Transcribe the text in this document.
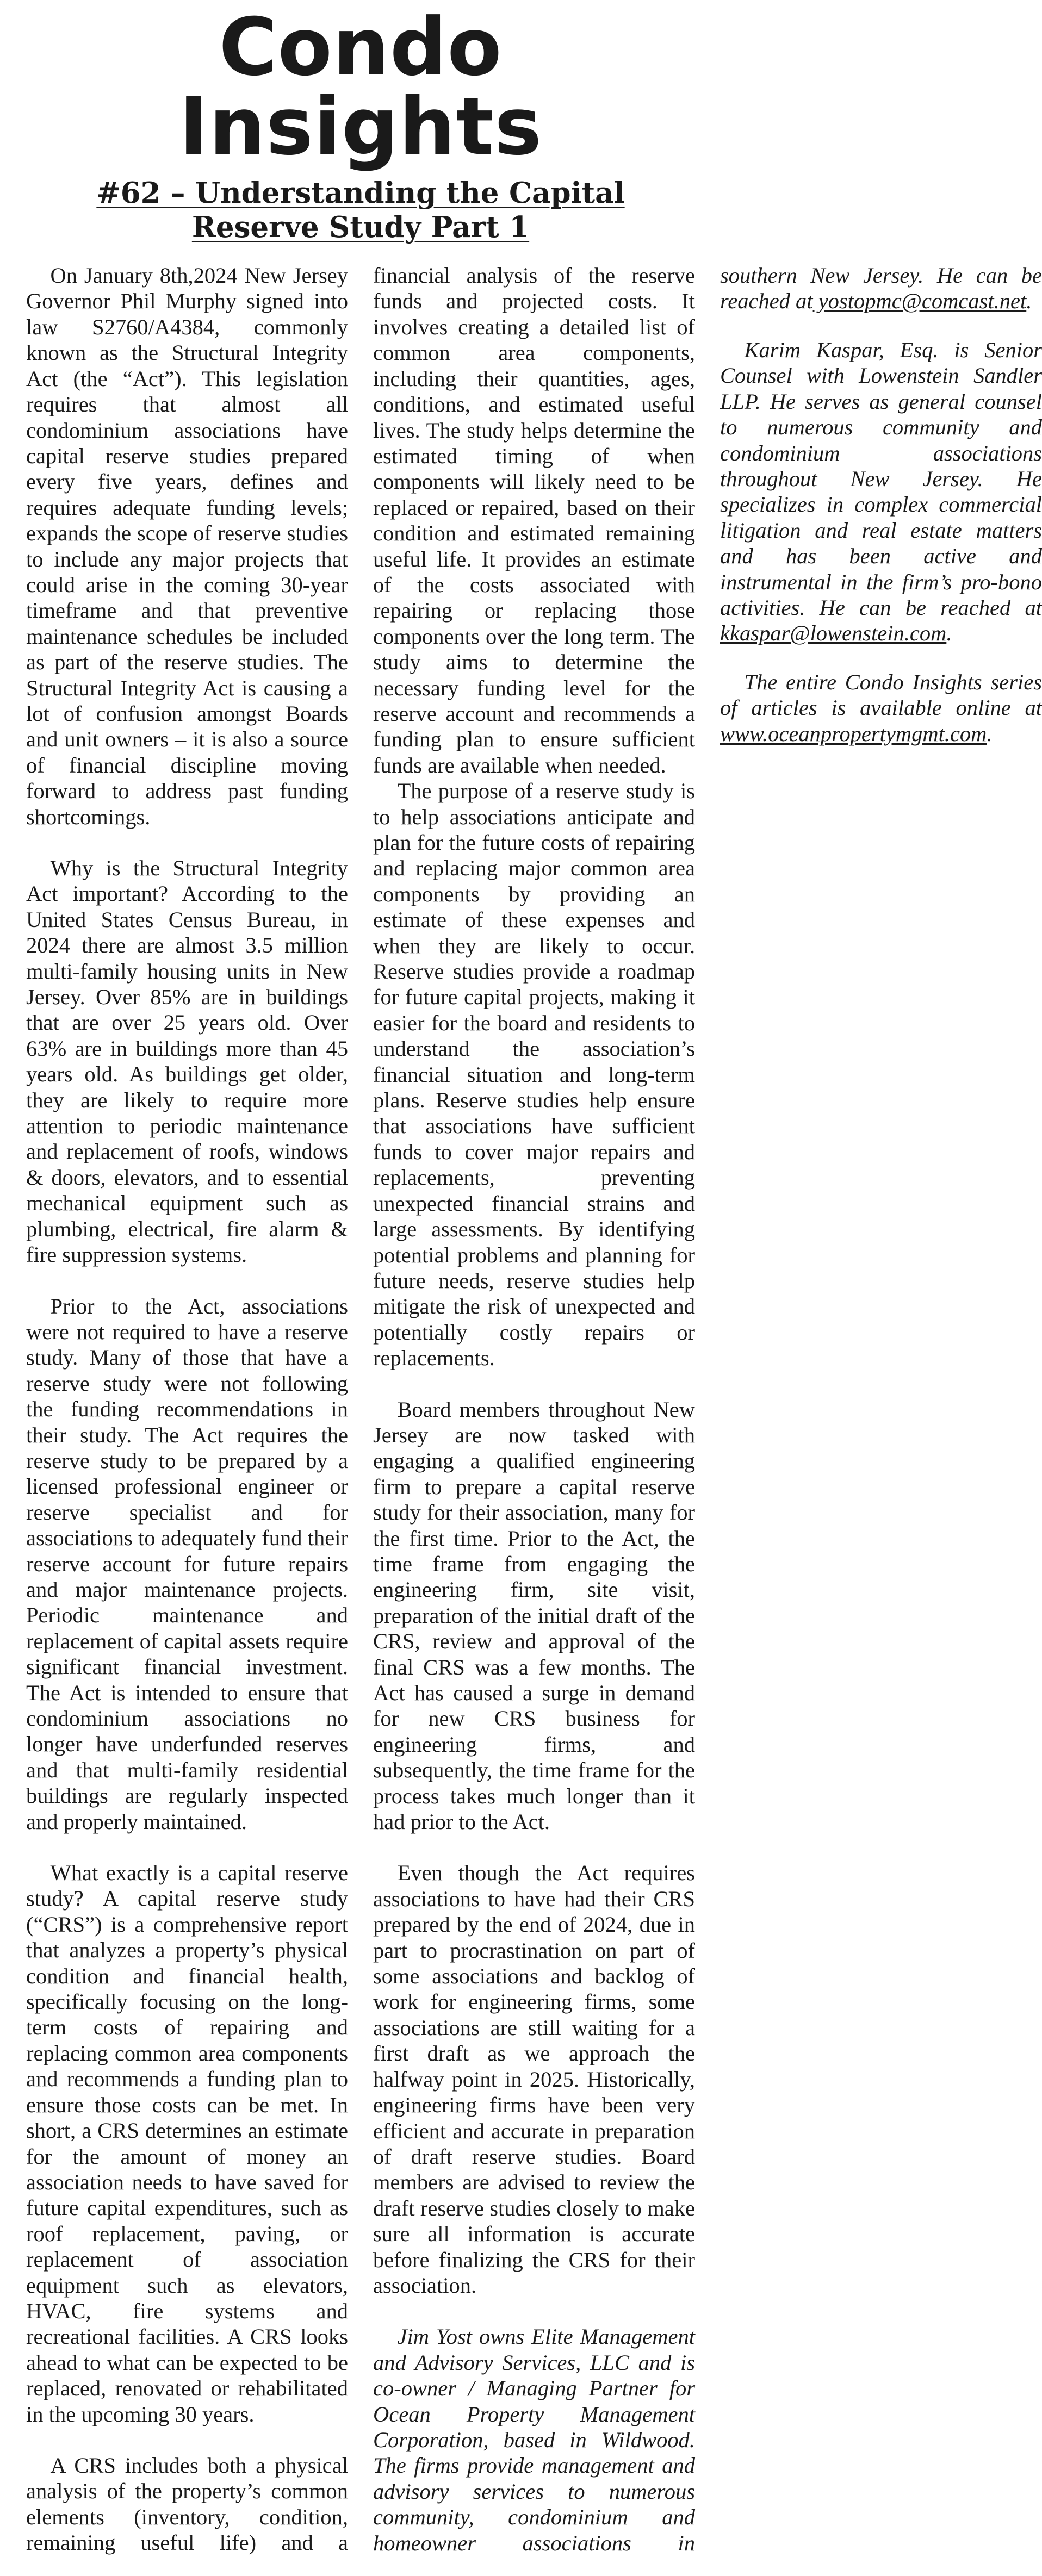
Condo Insights
#62 – Understanding the Capital Reserve Study Part 1

On January 8th,2024 New Jersey Governor Phil Murphy signed into law S2760/A4384, commonly known as the Structural Integrity Act (the “Act”). This legislation requires that almost all condominium associations have capital reserve studies prepared every five years, defines and requires adequate funding levels; expands the scope of reserve studies to include any major projects that could arise in the coming 30-year timeframe and that preventive maintenance schedules be included as part of the reserve studies. The Structural Integrity Act is causing a lot of confusion amongst Boards and unit owners – it is also a source of financial discipline moving forward to address past funding shortcomings.

Why is the Structural Integrity Act important? According to the United States Census Bureau, in 2024 there are almost 3.5 million multi-family housing units in New Jersey. Over 85% are in buildings that are over 25 years old. Over 63% are in buildings more than 45 years old. As buildings get older, they are likely to require more attention to periodic maintenance and replacement of roofs, windows & doors, elevators, and to essential mechanical equipment such as plumbing, electrical, fire alarm & fire suppression systems.

Prior to the Act, associations were not required to have a reserve study. Many of those that have a reserve study were not following the funding recommendations in their study. The Act requires the reserve study to be prepared by a licensed professional engineer or reserve specialist and for associations to adequately fund their reserve account for future repairs and major maintenance projects. Periodic maintenance and replacement of capital assets require significant financial investment. The Act is intended to ensure that condominium associations no longer have underfunded reserves and that multi-family residential buildings are regularly inspected and properly maintained.

What exactly is a capital reserve study? A capital reserve study (“CRS”) is a comprehensive report that analyzes a property’s physical condition and financial health, specifically focusing on the long-term costs of repairing and replacing common area components and recommends a funding plan to ensure those costs can be met. In short, a CRS determines an estimate for the amount of money an association needs to have saved for future capital expenditures, such as roof replacement, paving, or replacement of association equipment such as elevators, HVAC, fire systems and recreational facilities. A CRS looks ahead to what can be expected to be replaced, renovated or rehabilitated in the upcoming 30 years.

A CRS includes both a physical analysis of the property’s common elements (inventory, condition, remaining useful life) and a financial analysis of the reserve funds and projected costs. It involves creating a detailed list of common area components, including their quantities, ages, conditions, and estimated useful lives. The study helps determine the estimated timing of when components will likely need to be replaced or repaired, based on their condition and estimated remaining useful life. It provides an estimate of the costs associated with repairing or replacing those components over the long term. The study aims to determine the necessary funding level for the reserve account and recommends a funding plan to ensure sufficient funds are available when needed.

The purpose of a reserve study is to help associations anticipate and plan for the future costs of repairing and replacing major common area components by providing an estimate of these expenses and when they are likely to occur. Reserve studies provide a roadmap for future capital projects, making it easier for the board and residents to understand the association’s financial situation and long-term plans. Reserve studies help ensure that associations have sufficient funds to cover major repairs and replacements, preventing unexpected financial strains and large assessments. By identifying potential problems and planning for future needs, reserve studies help mitigate the risk of unexpected and potentially costly repairs or replacements.

Board members throughout New Jersey are now tasked with engaging a qualified engineering firm to prepare a capital reserve study for their association, many for the first time. Prior to the Act, the time frame from engaging the engineering firm, site visit, preparation of the initial draft of the CRS, review and approval of the final CRS was a few months. The Act has caused a surge in demand for new CRS business for engineering firms, and subsequently, the time frame for the process takes much longer than it had prior to the Act.

Even though the Act requires associations to have had their CRS prepared by the end of 2024, due in part to procrastination on part of some associations and backlog of work for engineering firms, some associations are still waiting for a first draft as we approach the halfway point in 2025. Historically, engineering firms have been very efficient and accurate in preparation of draft reserve studies. Board members are advised to review the draft reserve studies closely to make sure all information is accurate before finalizing the CRS for their association.

Jim Yost owns Elite Management and Advisory Services, LLC and is co-owner / Managing Partner for Ocean Property Management Corporation, based in Wildwood. The firms provide management and advisory services to numerous community, condominium and homeowner associations in southern New Jersey. He can be reached at yostopmc@comcast.net.

Karim Kaspar, Esq. is Senior Counsel with Lowenstein Sandler LLP. He serves as general counsel to numerous community and condominium associations throughout New Jersey. He specializes in complex commercial litigation and real estate matters and has been active and instrumental in the firm’s pro-bono activities. He can be reached at kkaspar@lowenstein.com.

The entire Condo Insights series of articles is available online at www.oceanpropertymgmt.com.
